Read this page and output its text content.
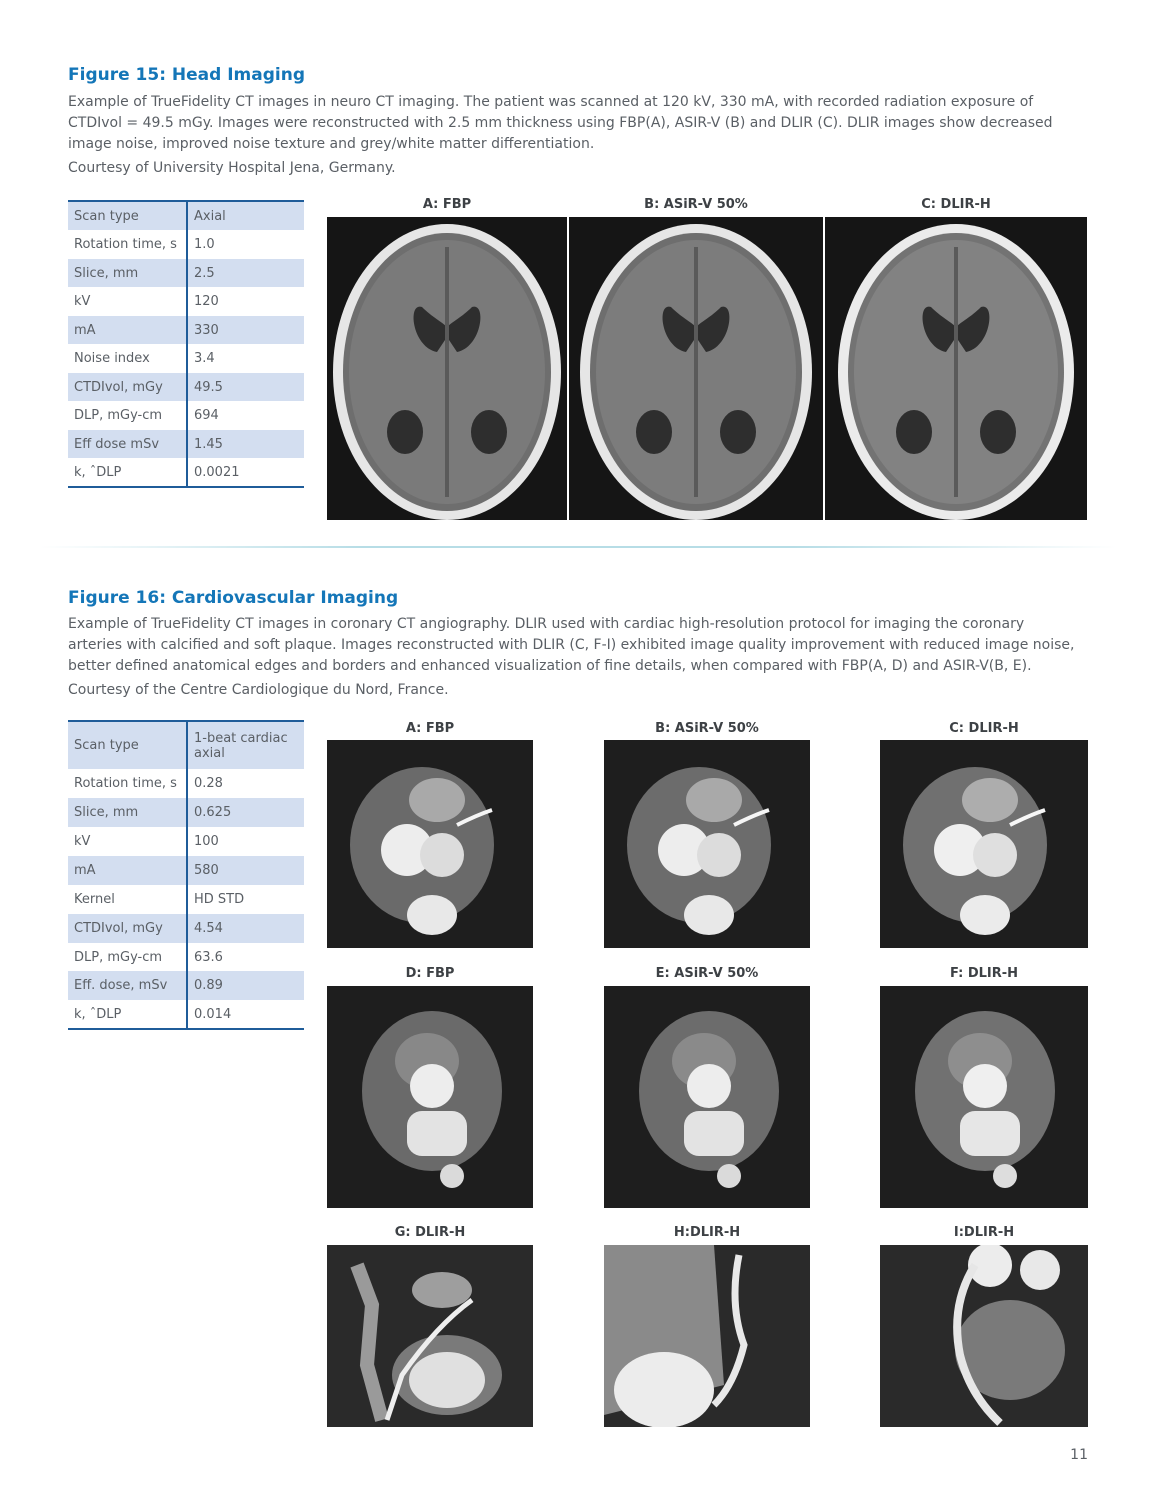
Figure 15: Head Imaging

Example of TrueFidelity CT images in neuro CT imaging. The patient was scanned at 120 kV, 330 mA, with recorded radiation exposure of CTDIvol = 49.5 mGy. Images were reconstructed with 2.5 mm thickness using FBP(A), ASIR-V (B) and DLIR (C). DLIR images show decreased image noise, improved noise texture and grey/white matter differentiation.

Courtesy of University Hospital Jena, Germany.

Scan type	Axial
Rotation time, s	1.0
Slice, mm	2.5
kV	120
mA	330
Noise index	3.4
CTDIvol, mGy	49.5
DLP, mGy-cm	694
Eff dose mSv	1.45
k, ˆDLP	0.0021
A: FBP	B: ASiR-V 50%	C: DLIR-H
Figure 16: Cardiovascular Imaging

Example of TrueFidelity CT images in coronary CT angiography. DLIR used with cardiac high-resolution protocol for imaging the coronary arteries with calcified and soft plaque. Images reconstructed with DLIR (C, F-I) exhibited image quality improvement with reduced image noise, better defined anatomical edges and borders and enhanced visualization of fine details, when compared with FBP(A, D) and ASIR-V(B, E).

Courtesy of the Centre Cardiologique du Nord, France.

Scan type	1-beat cardiac axial
Rotation time, s	0.28
Slice, mm	0.625
kV	100
mA	580
Kernel	HD STD
CTDIvol, mGy	4.54
DLP, mGy-cm	63.6
Eff. dose, mSv	0.89
k, ˆDLP	0.014
A: FBP	B: ASiR-V 50%	C: DLIR-H
D: FBP	E: ASiR-V 50%	F: DLIR-H
G: DLIR-H	H:DLIR-H	I:DLIR-H
11
